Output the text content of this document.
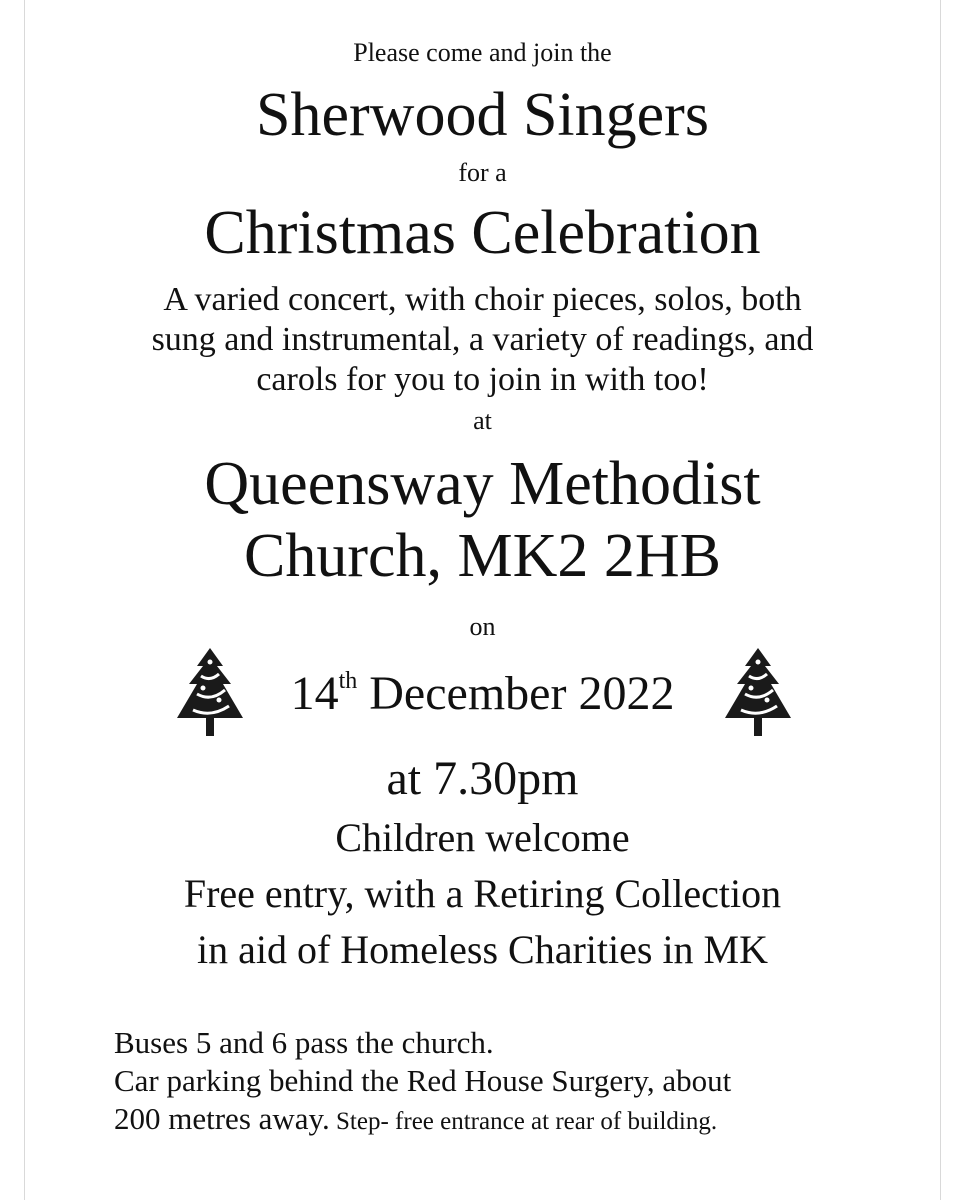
Please come and join the
Sherwood Singers
for a
Christmas Celebration
A varied concert, with choir pieces, solos, both
sung and instrumental, a variety of readings, and
carols for you to join in with too!
at
Queensway Methodist
Church, MK2 2HB
on
14th December 2022
at 7.30pm
Children welcome
Free entry, with a Retiring Collection
in aid of Homeless Charities in MK
Buses 5 and 6 pass the church.
Car parking behind the Red House Surgery, about
200 metres away. Step- free entrance at rear of building.
